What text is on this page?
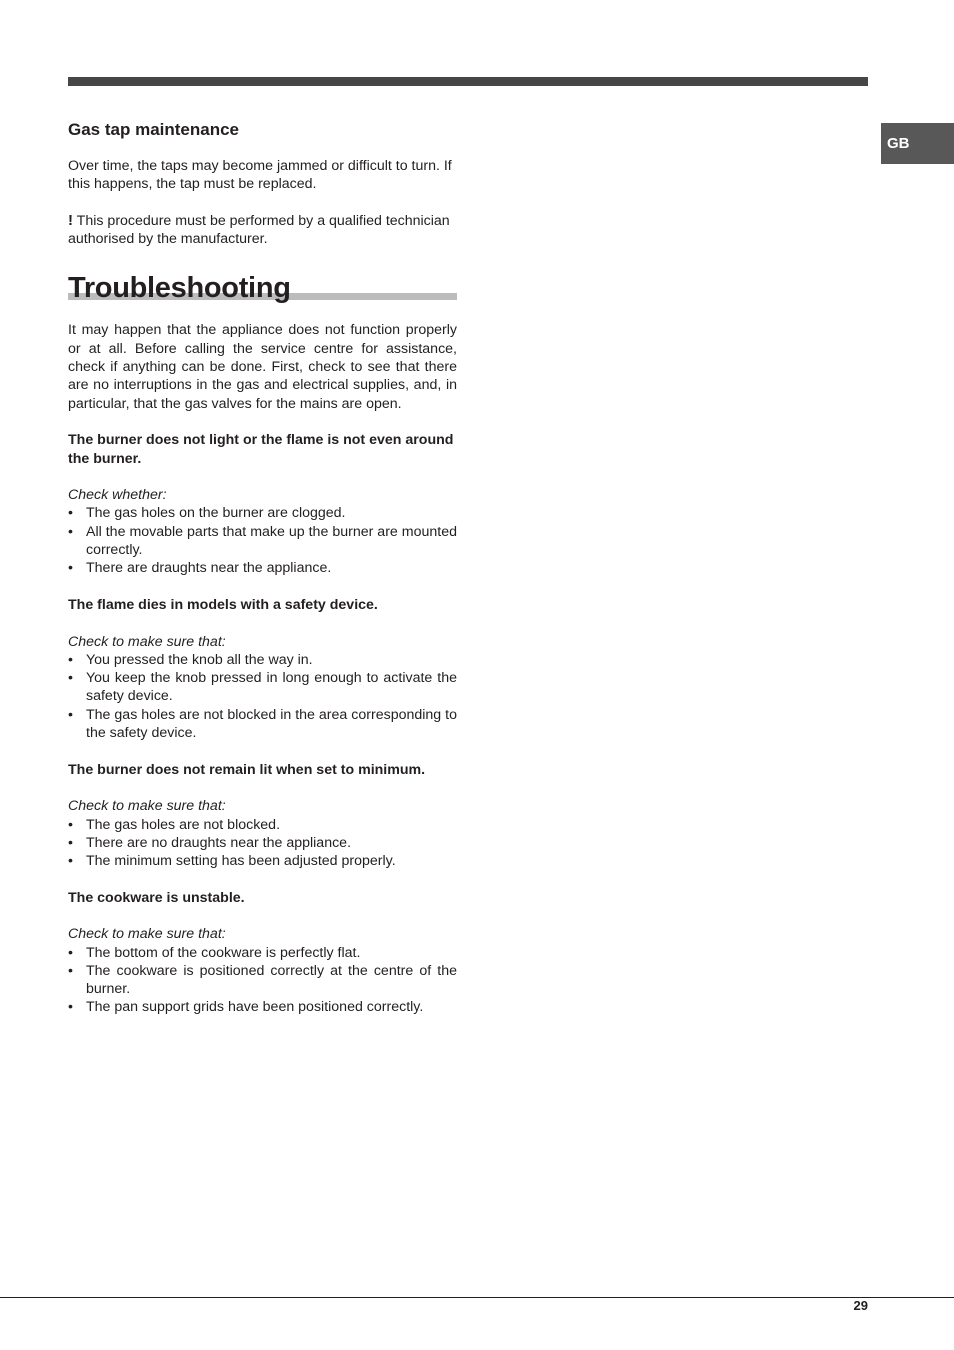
GB
Gas tap maintenance

Over time, the taps may become jammed or difficult to turn. If this happens, the tap must be replaced.

! This procedure must be performed by a qualified technician authorised by the manufacturer.

Troubleshooting

It may happen that the appliance does not function properly or at all. Before calling the service centre for assistance, check if anything can be done. First, check to see that there are no interruptions in the gas and electrical supplies, and, in particular, that the gas valves for the mains are open.

The burner does not light or the flame is not even around the burner.

Check whether:

• The gas holes on the burner are clogged.
• All the movable parts that make up the burner are mounted correctly.
• There are draughts near the appliance.

The flame dies in models with a safety device.

Check to make sure that:

• You pressed the knob all the way in.
• You keep the knob pressed in long enough to activate the safety device.
• The gas holes are not blocked in the area corresponding to the safety device.

The burner does not remain lit when set to minimum.

Check to make sure that:

• The gas holes are not blocked.
• There are no draughts near the appliance.
• The minimum setting has been adjusted properly.

The cookware is unstable.

Check to make sure that:

• The bottom of the cookware is perfectly flat.
• The cookware is positioned correctly at the centre of the burner.
• The pan support grids have been positioned correctly.
29
